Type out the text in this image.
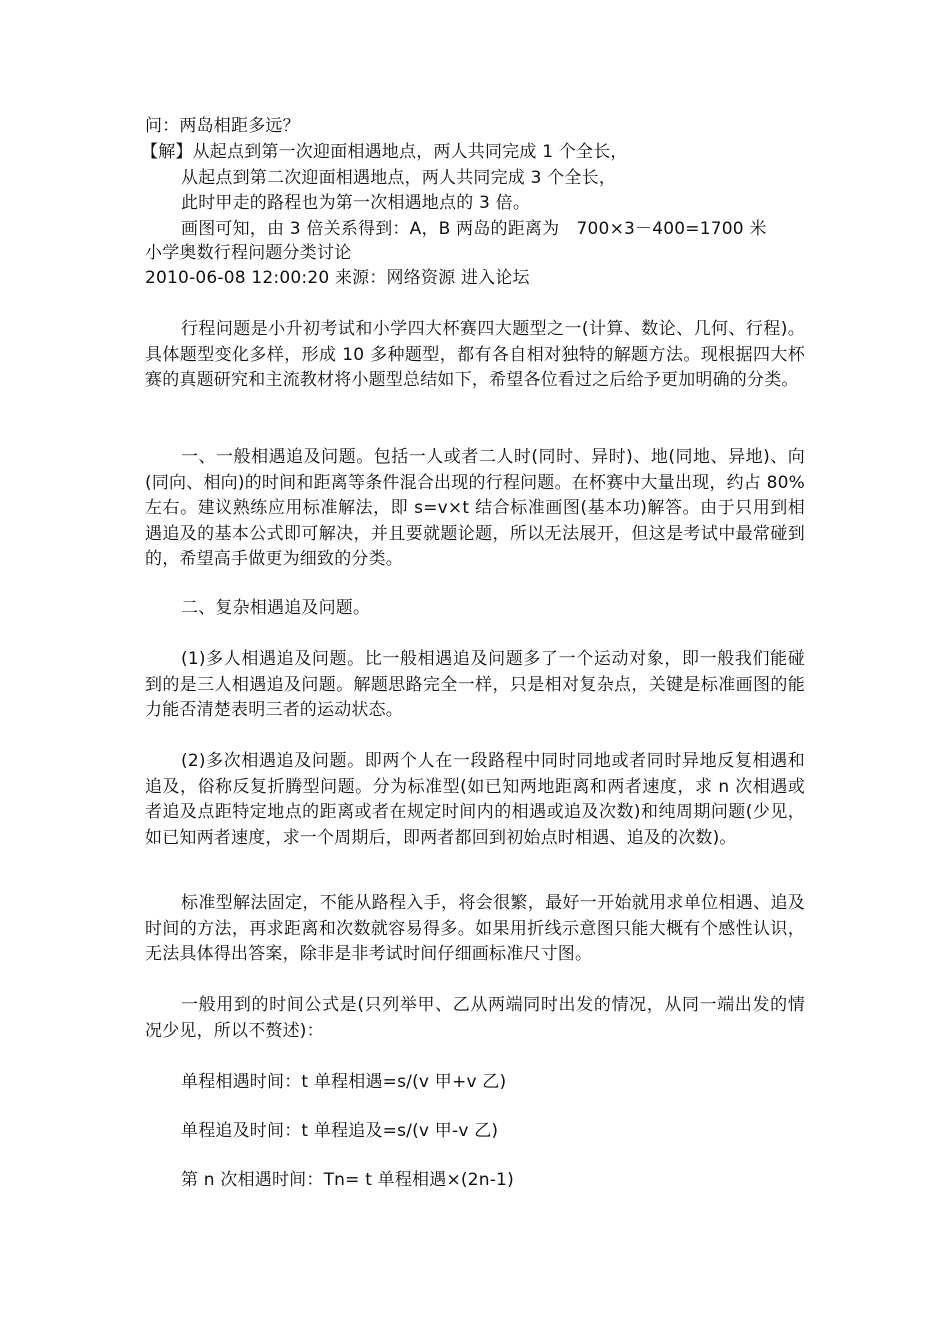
问：两岛相距多远？
【解】从起点到第一次迎面相遇地点，两人共同完成 1 个全长，
从起点到第二次迎面相遇地点，两人共同完成 3 个全长，
此时甲走的路程也为第一次相遇地点的 3 倍。
画图可知，由 3 倍关系得到：A，B 两岛的距离为　700×3－400=1700 米
小学奥数行程问题分类讨论
2010-06-08 12:00:20 来源：网络资源 进入论坛
行程问题是小升初考试和小学四大杯赛四大题型之一(计算、数论、几何、行程)。具体题型变化多样，形成 10 多种题型，都有各自相对独特的解题方法。现根据四大杯赛的真题研究和主流教材将小题型总结如下，希望各位看过之后给予更加明确的分类。
一、一般相遇追及问题。包括一人或者二人时(同时、异时)、地(同地、异地)、向(同向、相向)的时间和距离等条件混合出现的行程问题。在杯赛中大量出现，约占 80%左右。建议熟练应用标准解法，即 s=v×t 结合标准画图(基本功)解答。由于只用到相遇追及的基本公式即可解决，并且要就题论题，所以无法展开，但这是考试中最常碰到的，希望高手做更为细致的分类。
二、复杂相遇追及问题。
(1)多人相遇追及问题。比一般相遇追及问题多了一个运动对象，即一般我们能碰到的是三人相遇追及问题。解题思路完全一样，只是相对复杂点，关键是标准画图的能力能否清楚表明三者的运动状态。
(2)多次相遇追及问题。即两个人在一段路程中同时同地或者同时异地反复相遇和追及，俗称反复折腾型问题。分为标准型(如已知两地距离和两者速度，求 n 次相遇或者追及点距特定地点的距离或者在规定时间内的相遇或追及次数)和纯周期问题(少见，如已知两者速度，求一个周期后，即两者都回到初始点时相遇、追及的次数)。
标准型解法固定，不能从路程入手，将会很繁，最好一开始就用求单位相遇、追及时间的方法，再求距离和次数就容易得多。如果用折线示意图只能大概有个感性认识，无法具体得出答案，除非是非考试时间仔细画标准尺寸图。
一般用到的时间公式是(只列举甲、乙从两端同时出发的情况，从同一端出发的情况少见，所以不赘述)：
单程相遇时间：t 单程相遇=s/(v 甲+v 乙)
单程追及时间：t 单程追及=s/(v 甲-v 乙)
第 n 次相遇时间：Tn= t 单程相遇×(2n-1)
